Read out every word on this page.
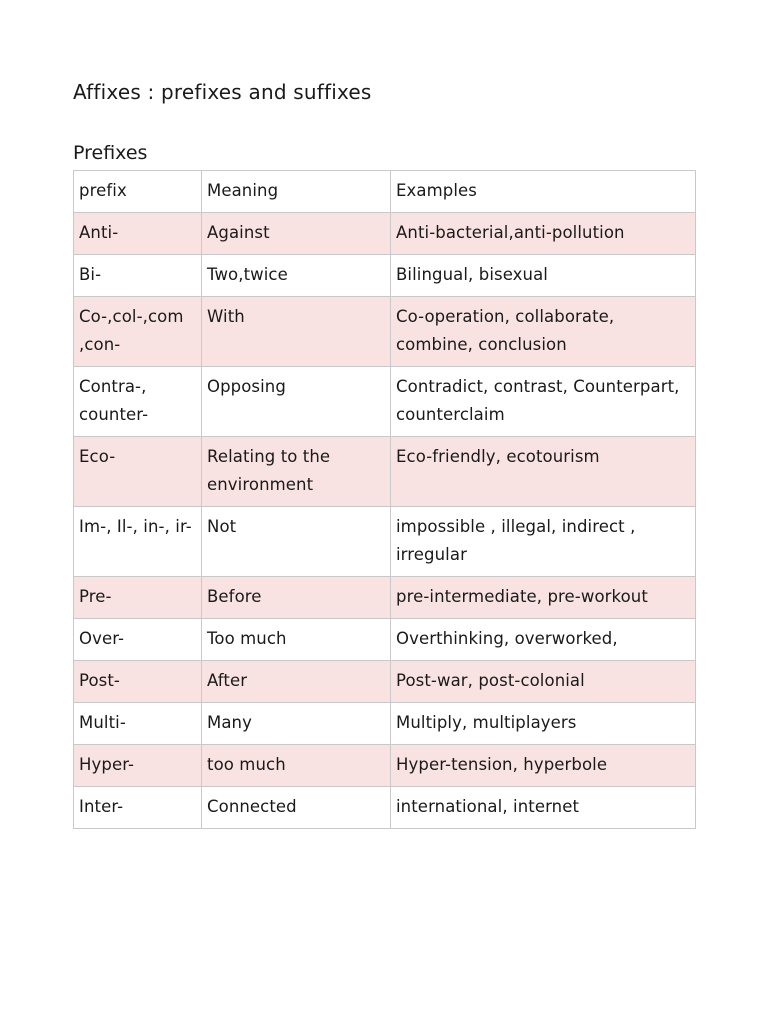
Affixes : prefixes and suffixes
Prefixes
prefix	Meaning	Examples
Anti-	Against	Anti-bacterial,anti-pollution
Bi-	Two,twice	Bilingual, bisexual
Co-,col-,com ,con-	With	Co-operation, collaborate, combine, conclusion
Contra-, counter-	Opposing	Contradict, contrast, Counterpart, counterclaim
Eco-	Relating to the environment	Eco-friendly, ecotourism
Im-, Il-, in-, ir-	Not	impossible , illegal, indirect , irregular
Pre-	Before	pre-intermediate, pre-workout
Over-	Too much	Overthinking, overworked,
Post-	After	Post-war, post-colonial
Multi-	Many	Multiply, multiplayers
Hyper-	too much	Hyper-tension, hyperbole
Inter-	Connected	international, internet
